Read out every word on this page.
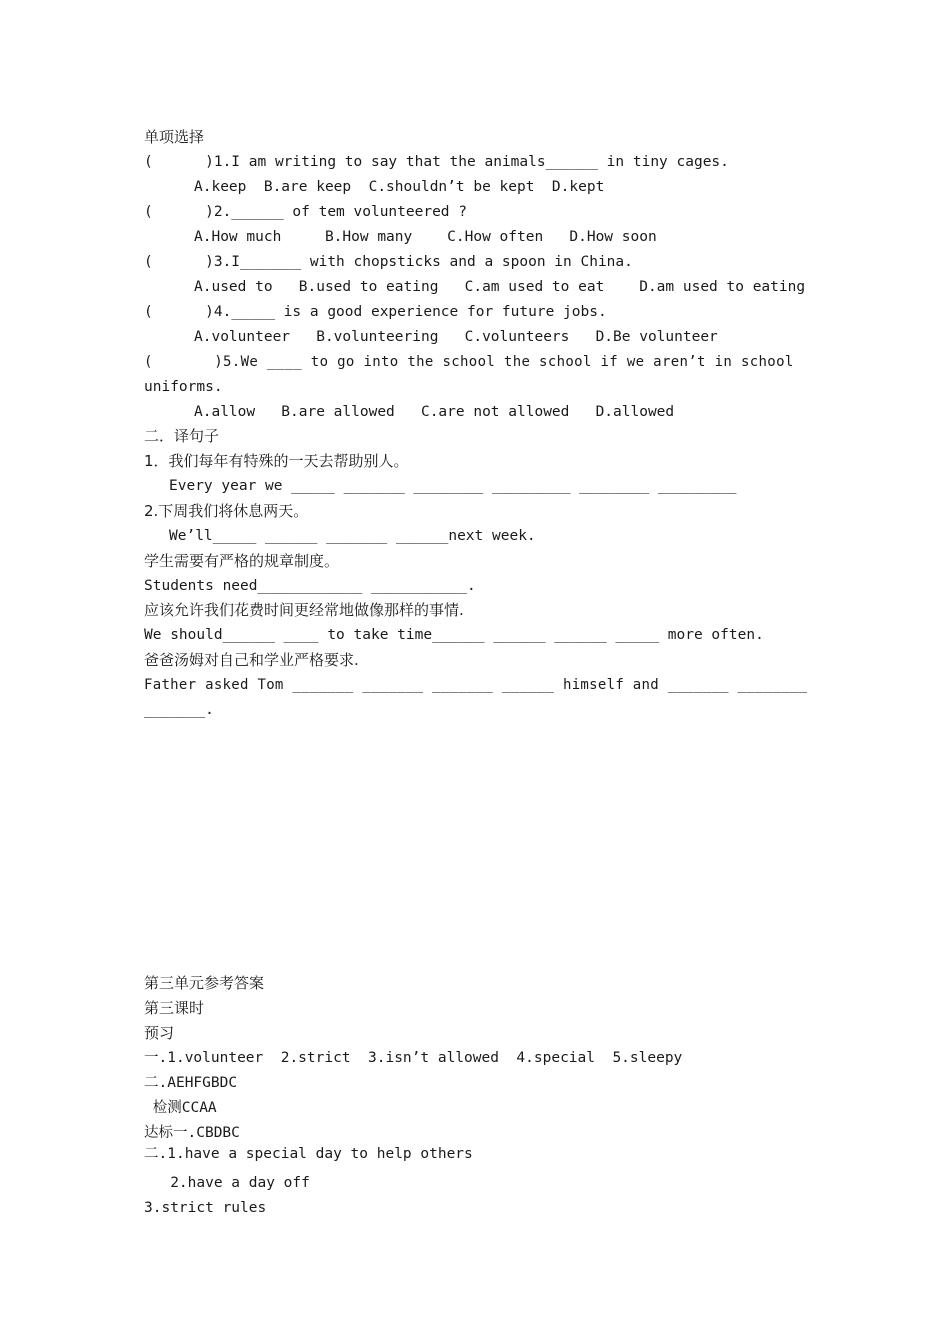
单项选择
(      )1.I am writing to say that the animals______ in tiny cages.
A.keep  B.are keep  C.shouldn’t be kept  D.kept
(      )2.______ of tem volunteered ?
A.How much     B.How many    C.How often   D.How soon
(      )3.I_______ with chopsticks and a spoon in China.
A.used to   B.used to eating   C.am used to eat    D.am used to eating
(      )4._____ is a good experience for future jobs.
A.volunteer   B.volunteering   C.volunteers   D.Be volunteer
(       )5.We ____ to go into the school the school if we aren’t in school
uniforms.
A.allow   B.are allowed   C.are not allowed   D.allowed
二．译句子
1．我们每年有特殊的一天去帮助别人。
Every year we _____ _______ ________ _________ ________ _________
2.下周我们将休息两天。
We’ll_____ ______ _______ ______next week.
学生需要有严格的规章制度。
Students need____________ ___________.
应该允许我们花费时间更经常地做像那样的事情.
We should______ ____ to take time______ ______ ______ _____ more often.
爸爸汤姆对自己和学业严格要求.
Father asked Tom _______ _______ _______ ______ himself and _______ ________
_______.
第三单元参考答案
第三课时
预习
一.1.volunteer  2.strict  3.isn’t allowed  4.special  5.sleepy
二.AEHFGBDC
检测CCAA
达标一.CBDBC
二.1.have a special day to help others
2.have a day off
3.strict rules
